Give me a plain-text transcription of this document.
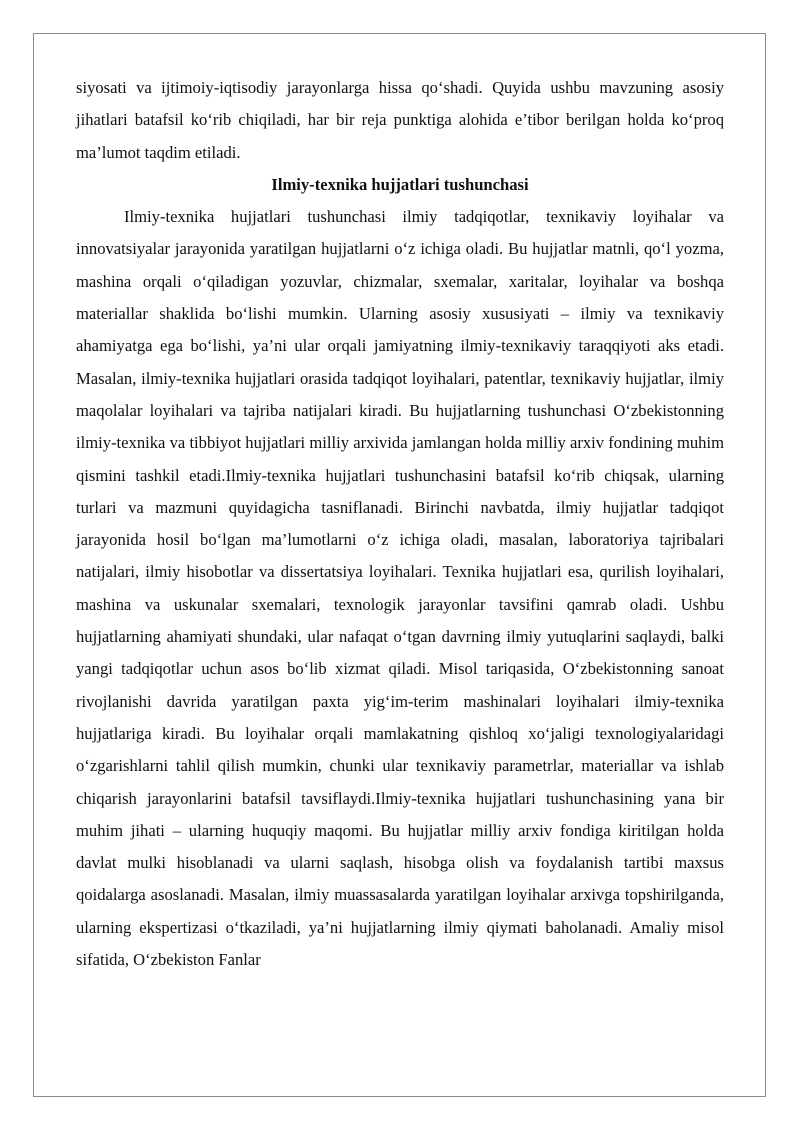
siyosati va ijtimoiy-iqtisodiy jarayonlarga hissa qo‘shadi. Quyida ushbu mavzuning asosiy jihatlari batafsil ko‘rib chiqiladi, har bir reja punktiga alohida e’tibor berilgan holda ko‘proq ma’lumot taqdim etiladi.

Ilmiy-texnika hujjatlari tushunchasi

Ilmiy-texnika hujjatlari tushunchasi ilmiy tadqiqotlar, texnikaviy loyihalar va innovatsiyalar jarayonida yaratilgan hujjatlarni o‘z ichiga oladi. Bu hujjatlar matnli, qo‘l yozma, mashina orqali o‘qiladigan yozuvlar, chizmalar, sxemalar, xaritalar, loyihalar va boshqa materiallar shaklida bo‘lishi mumkin. Ularning asosiy xususiyati – ilmiy va texnikaviy ahamiyatga ega bo‘lishi, ya’ni ular orqali jamiyatning ilmiy-texnikaviy taraqqiyoti aks etadi. Masalan, ilmiy-texnika hujjatlari orasida tadqiqot loyihalari, patentlar, texnikaviy hujjatlar, ilmiy maqolalar loyihalari va tajriba natijalari kiradi. Bu hujjatlarning tushunchasi O‘zbekistonning ilmiy-texnika va tibbiyot hujjatlari milliy arxivida jamlangan holda milliy arxiv fondining muhim qismini tashkil etadi.Ilmiy-texnika hujjatlari tushunchasini batafsil ko‘rib chiqsak, ularning turlari va mazmuni quyidagicha tasniflanadi. Birinchi navbatda, ilmiy hujjatlar tadqiqot jarayonida hosil bo‘lgan ma’lumotlarni o‘z ichiga oladi, masalan, laboratoriya tajribalari natijalari, ilmiy hisobotlar va dissertatsiya loyihalari. Texnika hujjatlari esa, qurilish loyihalari, mashina va uskunalar sxemalari, texnologik jarayonlar tavsifini qamrab oladi. Ushbu hujjatlarning ahamiyati shundaki, ular nafaqat o‘tgan davrning ilmiy yutuqlarini saqlaydi, balki yangi tadqiqotlar uchun asos bo‘lib xizmat qiladi. Misol tariqasida, O‘zbekistonning sanoat rivojlanishi davrida yaratilgan paxta yig‘im-terim mashinalari loyihalari ilmiy-texnika hujjatlariga kiradi. Bu loyihalar orqali mamlakatning qishloq xo‘jaligi texnologiyalaridagi o‘zgarishlarni tahlil qilish mumkin, chunki ular texnikaviy parametrlar, materiallar va ishlab chiqarish jarayonlarini batafsil tavsiflaydi.Ilmiy-texnika hujjatlari tushunchasining yana bir muhim jihati – ularning huquqiy maqomi. Bu hujjatlar milliy arxiv fondiga kiritilgan holda davlat mulki hisoblanadi va ularni saqlash, hisobga olish va foydalanish tartibi maxsus qoidalarga asoslanadi. Masalan, ilmiy muassasalarda yaratilgan loyihalar arxivga topshirilganda, ularning ekspertizasi o‘tkaziladi, ya’ni hujjatlarning ilmiy qiymati baholanadi. Amaliy misol sifatida, O‘zbekiston Fanlar
